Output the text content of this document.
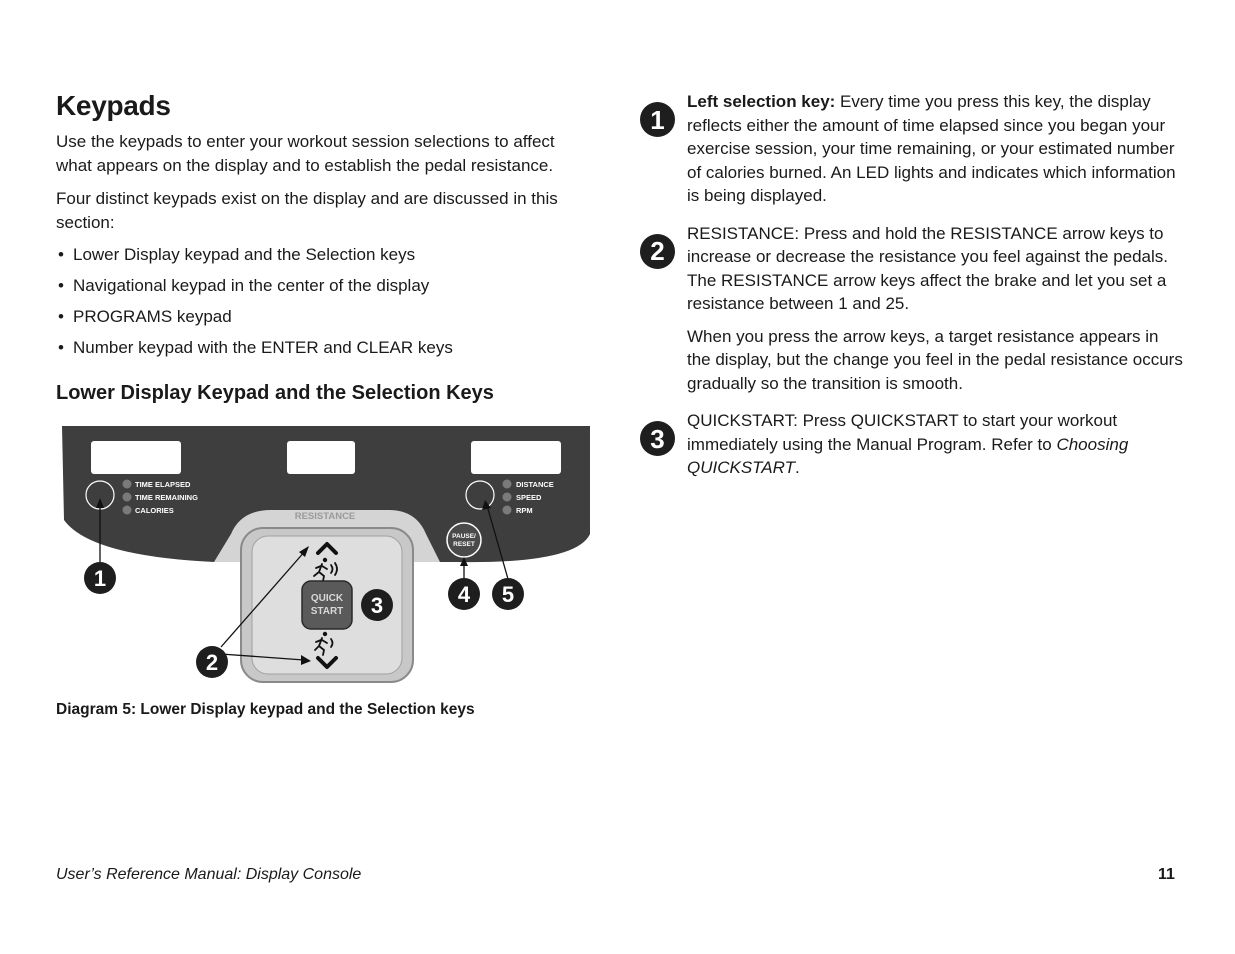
Keypads

Use the keypads to enter your workout session selections to affect what appears on the display and to establish the pedal resistance.

Four distinct keypads exist on the display and are discussed in this section:

• Lower Display keypad and the Selection keys
• Navigational keypad in the center of the display
• PROGRAMS keypad
• Number keypad with the ENTER and CLEAR keys
Lower Display Keypad and the Selection Keys
TIME ELAPSED
TIME REMAINING
CALORIES
DISTANCE
SPEED
RPM
PAUSE/
RESET
RESISTANCE
QUICK
START
1
2
3	4 5
Diagram 5: Lower Display keypad and the Selection keys
1

Left selection key: Every time you press this key, the display reflects either the amount of time elapsed since you began your exercise session, your time remaining, or your estimated number of calories burned. An LED lights and indicates which information is being displayed.

2

RESISTANCE: Press and hold the RESISTANCE arrow keys to increase or decrease the resistance you feel against the pedals. The RESISTANCE arrow keys affect the brake and let you set a resistance between 1 and 25.

When you press the arrow keys, a target resistance appears in the display, but the change you feel in the pedal resistance occurs gradually so the transition is smooth.

3

QUICKSTART: Press QUICKSTART to start your workout immediately using the Manual Program. Refer to Choosing QUICKSTART.

User’s Reference Manual: Display Console	11
